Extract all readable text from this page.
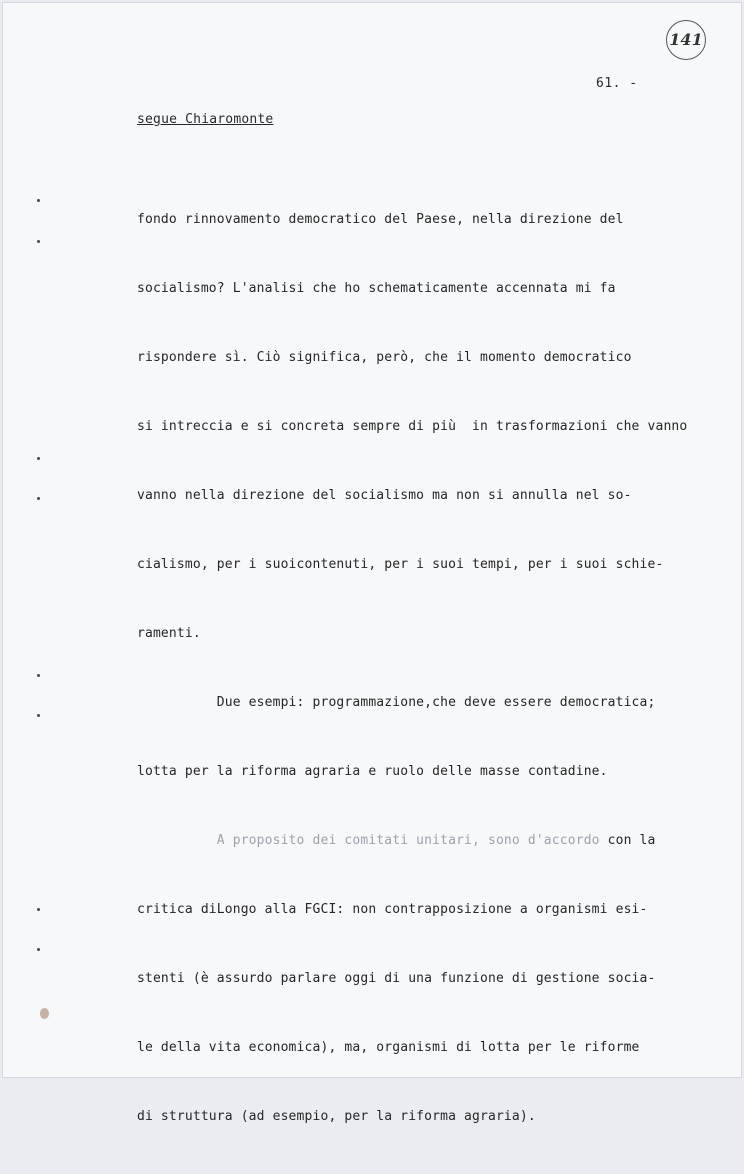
141
61. -
segue Chiaromonte

fondo rinnovamento democratico del Paese, nella direzione del

socialismo? L'analisi che ho schematicamente accennata mi fa

rispondere sì. Ciò significa, però, che il momento democratico

si intreccia e si concreta sempre di più  in trasformazioni che vanno

vanno nella direzione del socialismo ma non si annulla nel so-

cialismo, per i suoicontenuti, per i suoi tempi, per i suoi schie-

ramenti.

Due esempi: programmazione,che deve essere democratica;

lotta per la riforma agraria e ruolo delle masse contadine.

A proposito dei comitati unitari, sono d'accordo con la

critica diLongo alla FGCI: non contrapposizione a organismi esi-

stenti (è assurdo parlare oggi di una funzione di gestione socia-

le della vita economica), ma, organismi di lotta per le riforme

di struttura (ad esempio, per la riforma agraria).
